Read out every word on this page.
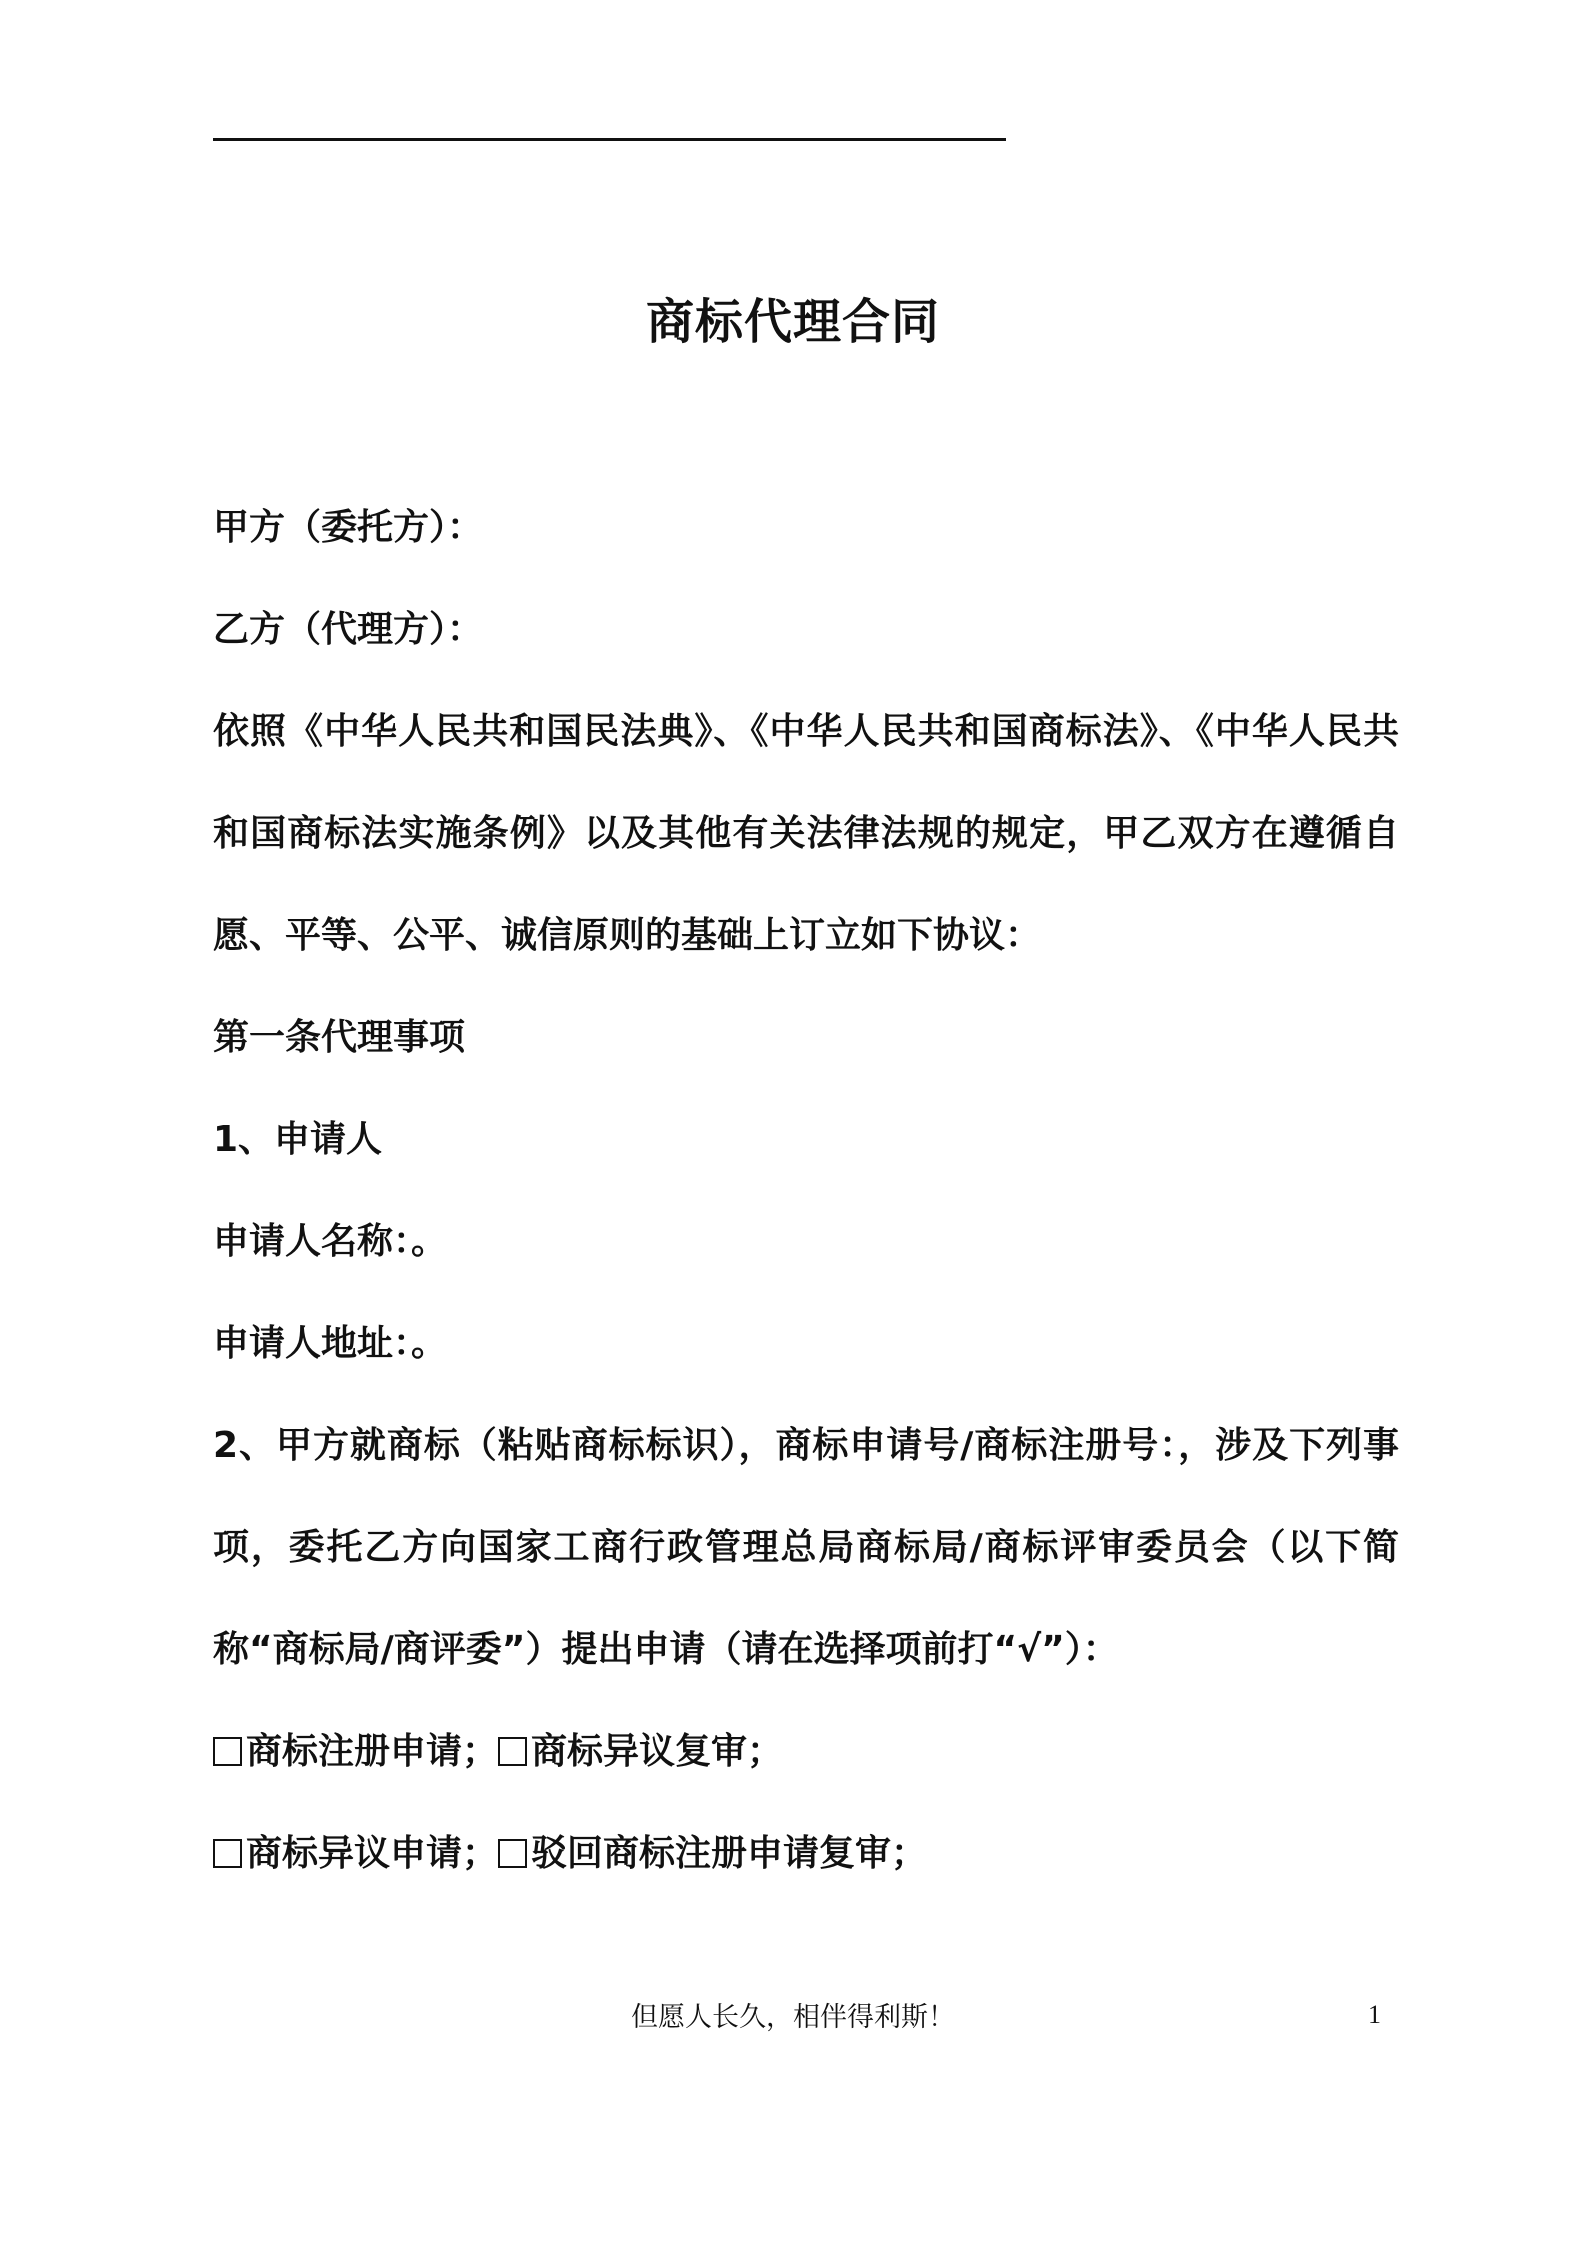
商标代理合同
甲方（委托方）：
乙方（代理方）：
依照《中华人民共和国民法典》、《中华人民共和国商标法》、《中华人民共
和国商标法实施条例》以及其他有关法律法规的规定，甲乙双方在遵循自
愿、平等、公平、诚信原则的基础上订立如下协议：
第一条代理事项
1、申请人
申请人名称：。
申请人地址：。
2、甲方就商标（粘贴商标标识），商标申请号/商标注册号：，涉及下列事
项，委托乙方向国家工商行政管理总局商标局/商标评审委员会（以下简
称“商标局/商评委”）提出申请（请在选择项前打“√”）：
商标注册申请； 商标异议复审；
商标异议申请； 驳回商标注册申请复审；
但愿人长久，相伴得利斯！	1
